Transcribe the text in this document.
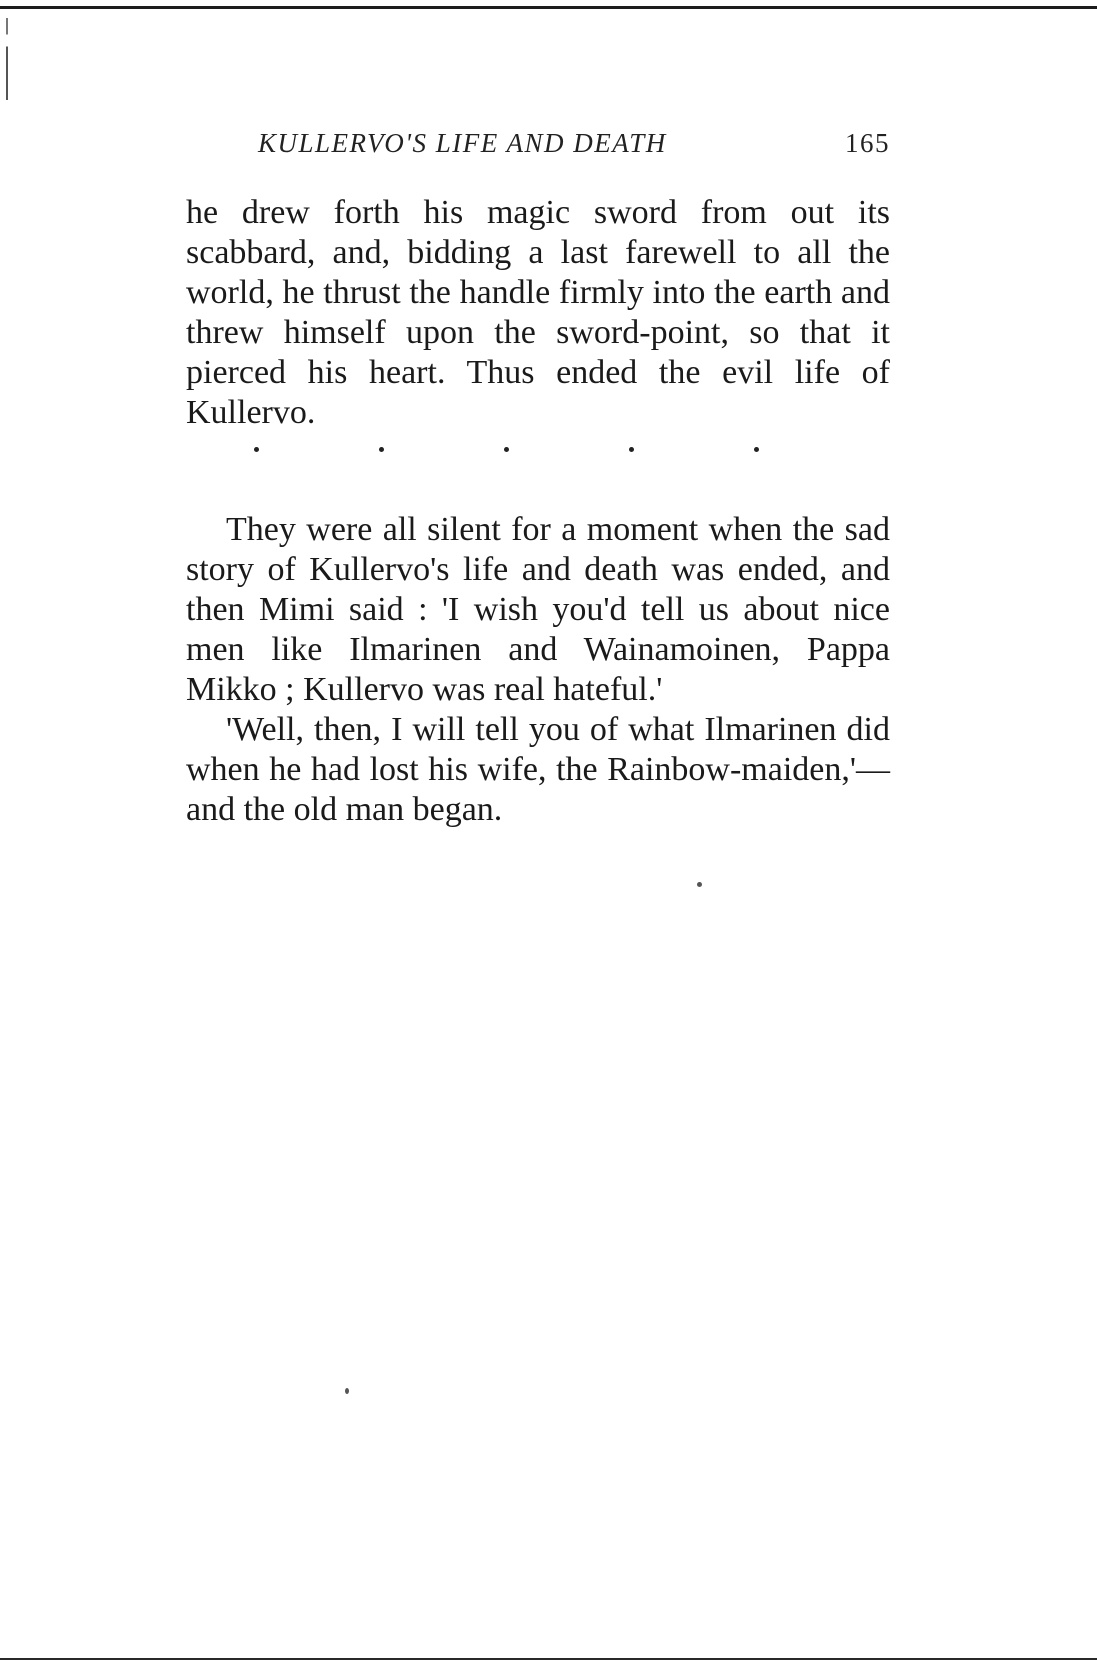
KULLERVO'S LIFE AND DEATH	165

he drew forth his magic sword from out its scabbard, and, bidding a last farewell to all the world, he thrust the handle firmly into the earth and threw himself upon the sword-point, so that it pierced his heart. Thus ended the evil life of Kullervo.

They were all silent for a moment when the sad story of Kullervo's life and death was ended, and then Mimi said : 'I wish you'd tell us about nice men like Ilmarinen and Wainamoinen, Pappa Mikko ; Kullervo was real hateful.'

'Well, then, I will tell you of what Ilmarinen did when he had lost his wife, the Rainbow-maiden,'—and the old man began.
